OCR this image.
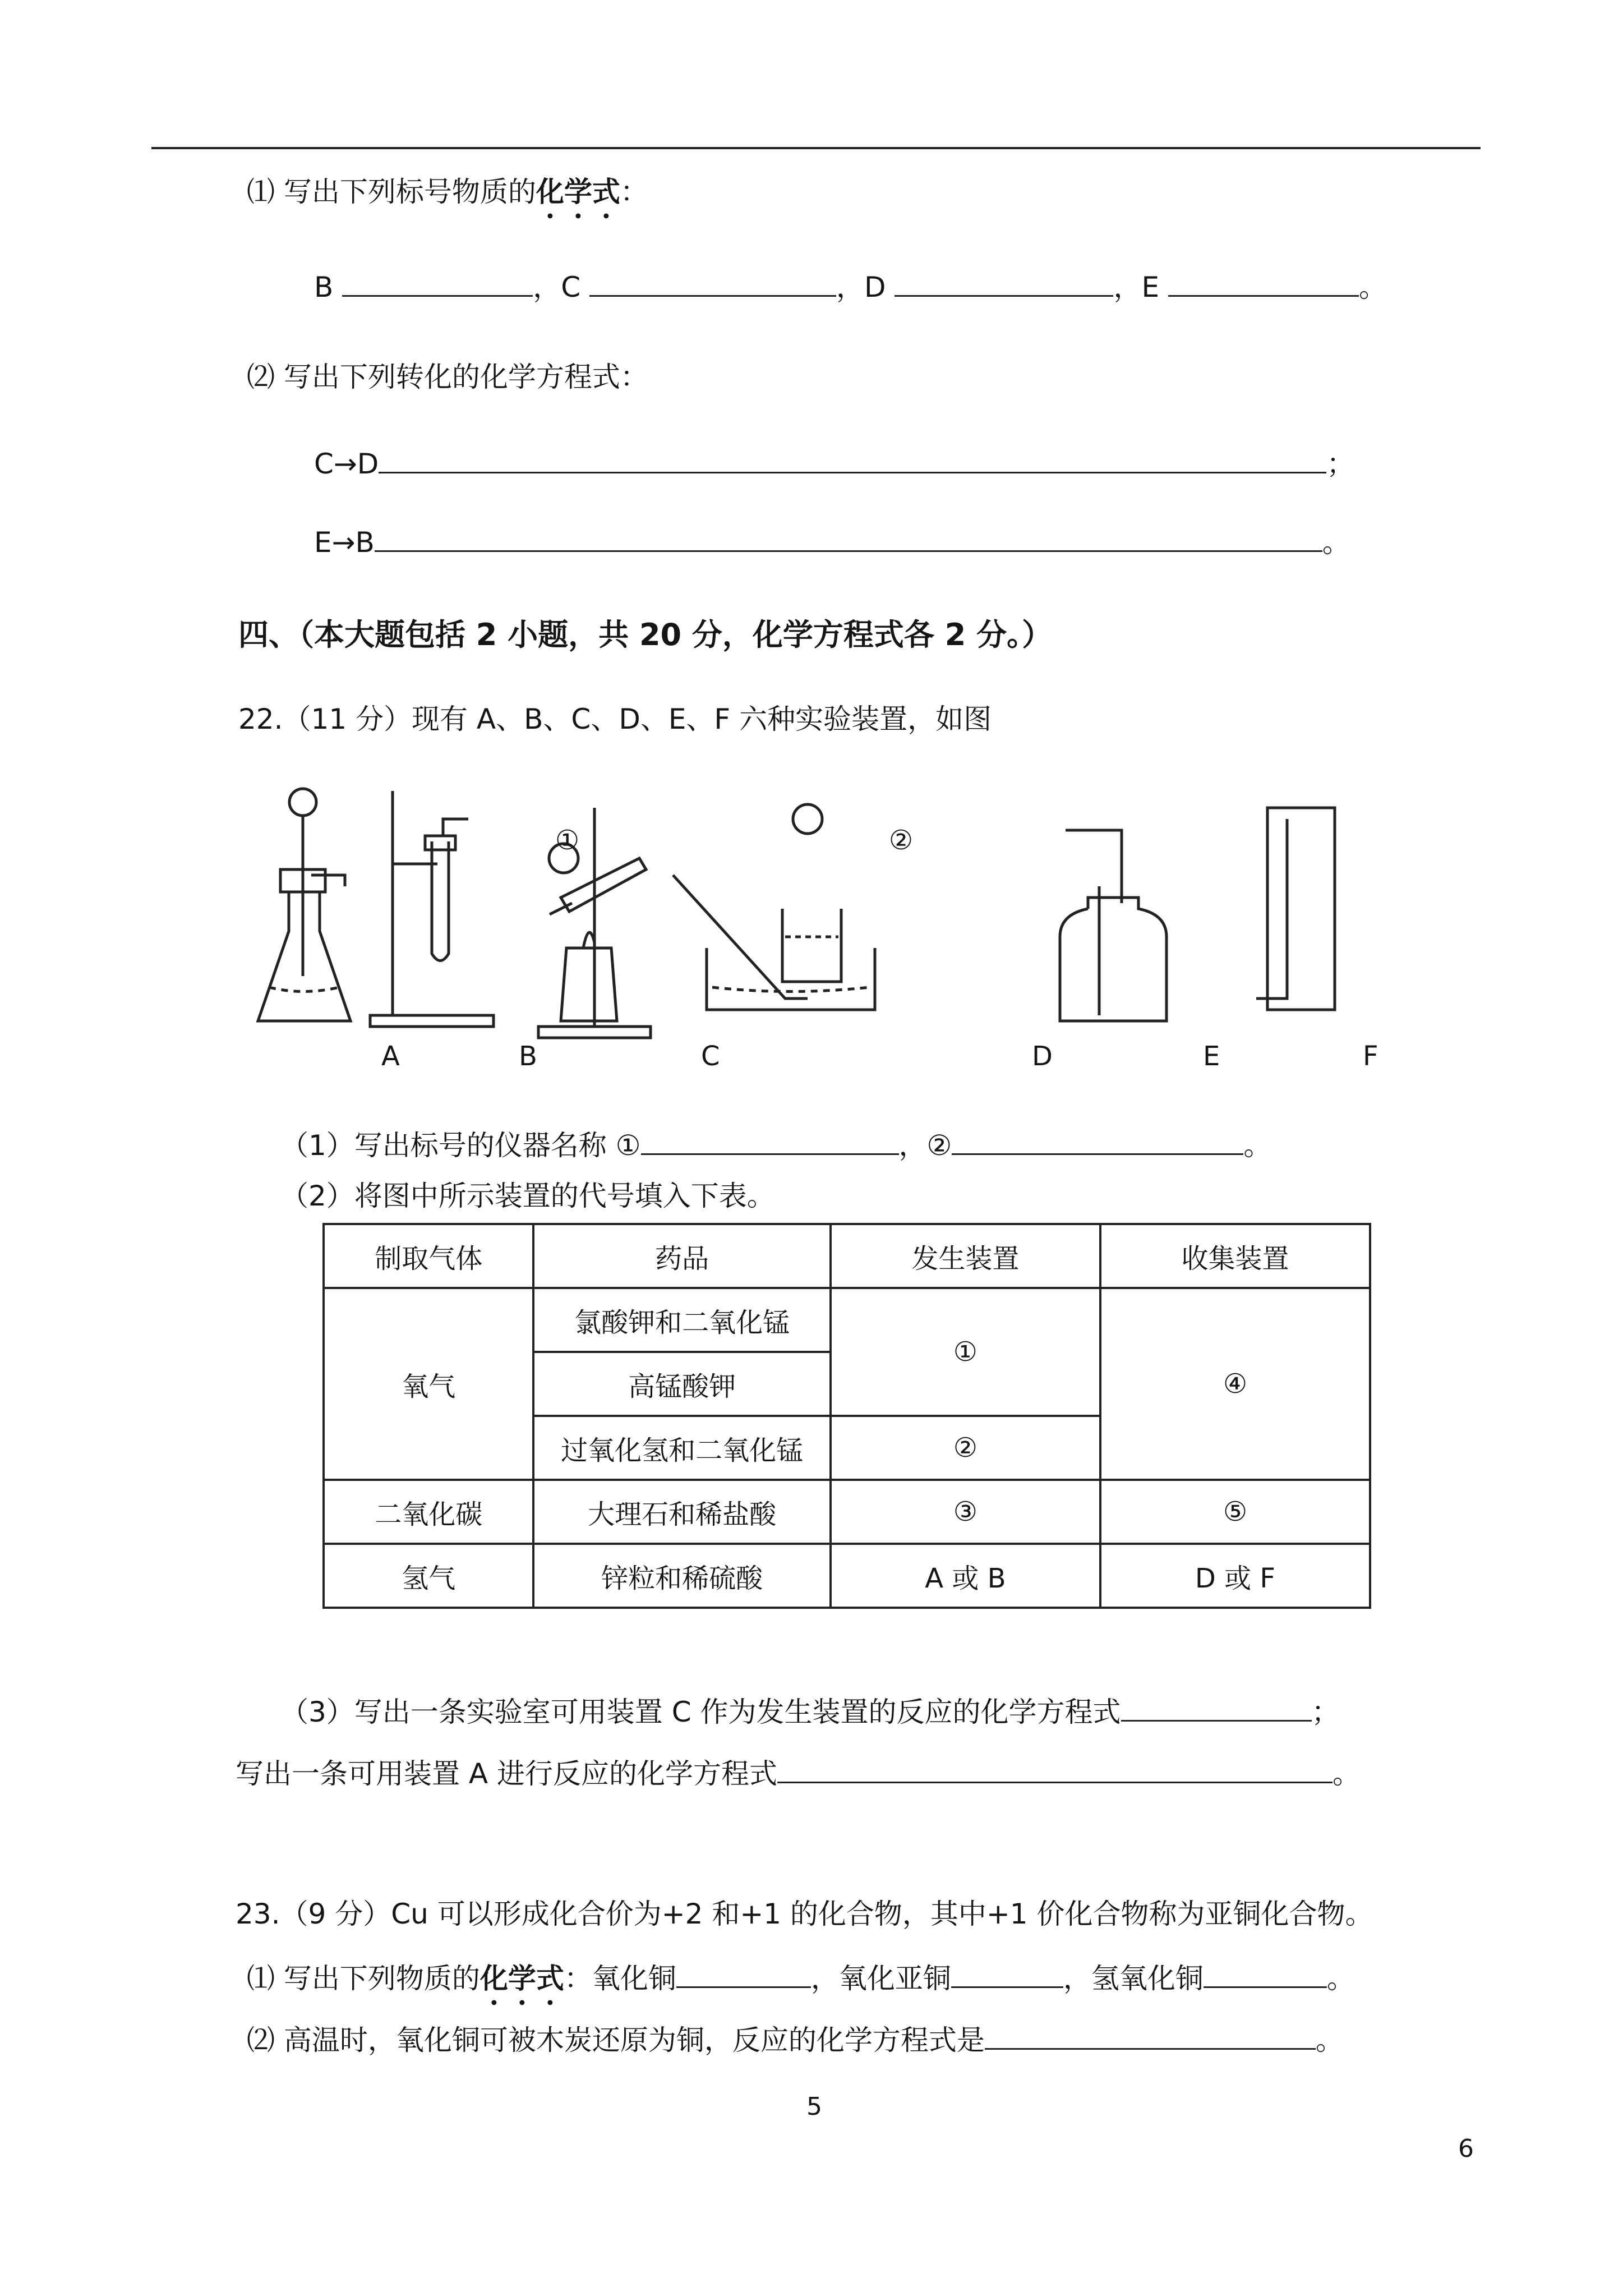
⑴ 写出下列标号物质的化学式：
B	，C	，D	，E	。
⑵ 写出下列转化的化学方程式：
C→D	；
E→B	。
四、（本大题包括 2 小题，共 20 分，化学方程式各 2 分。）
22.（11 分）现有 A、B、C、D、E、F 六种实验装置，如图
①	②
A	B	C	D	E	F
（1）写出标号的仪器名称 ①	，②	。
（2）将图中所示装置的代号填入下表。
制取气体	药品	发生装置	收集装置
氧气	氯酸钾和二氧化锰	①	④
	高锰酸钾		
	过氧化氢和二氧化锰	②	
二氧化碳	大理石和稀盐酸	③	⑤
氢气	锌粒和稀硫酸	A 或 B	D 或 F
（3）写出一条实验室可用装置 C 作为发生装置的反应的化学方程式	；
写出一条可用装置 A 进行反应的化学方程式	。
23.（9 分）Cu 可以形成化合价为+2 和+1 的化合物，其中+1 价化合物称为亚铜化合物。
⑴ 写出下列物质的化学式：氧化铜	，氧化亚铜	，氢氧化铜	。
⑵ 高温时，氧化铜可被木炭还原为铜，反应的化学方程式是	。
5
6
